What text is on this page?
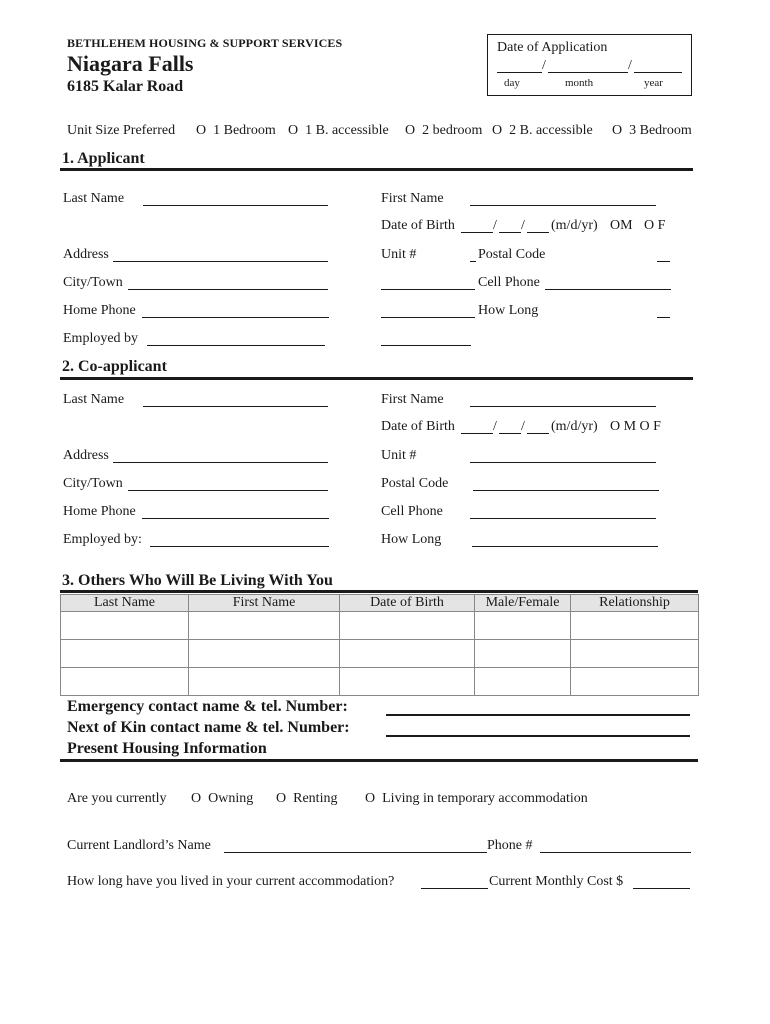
BETHLEHEM HOUSING & SUPPORT SERVICES
Niagara Falls
6185 Kalar Road
Date of Application
/	/
day	month	year
Unit Size Preferred O 1 Bedroom O 1 B. accessible O 2 bedroom O 2 B. accessible O 3 Bedroom
1. Applicant
Last Name	First Name
Date of Birth	/ / (m/d/yr) OM O F
Address	Unit #	Postal Code
City/Town	Cell Phone
Home Phone	How Long
Employed by
2. Co-applicant
Last Name	First Name
Date of Birth	/ / (m/d/yr) O M O F
Address	Unit #
City/Town	Postal Code
Home Phone	Cell Phone
Employed by:	How Long
3. Others Who Will Be Living With You
Last Name	First Name	Date of Birth	Male/Female	Relationship

Emergency contact name & tel. Number:
Next of Kin contact name & tel. Number:
Present Housing Information
Are you currently O Owning O Renting O Living in temporary accommodation
Current Landlord’s Name	Phone #
How long have you lived in your current accommodation?	Current Monthly Cost $
